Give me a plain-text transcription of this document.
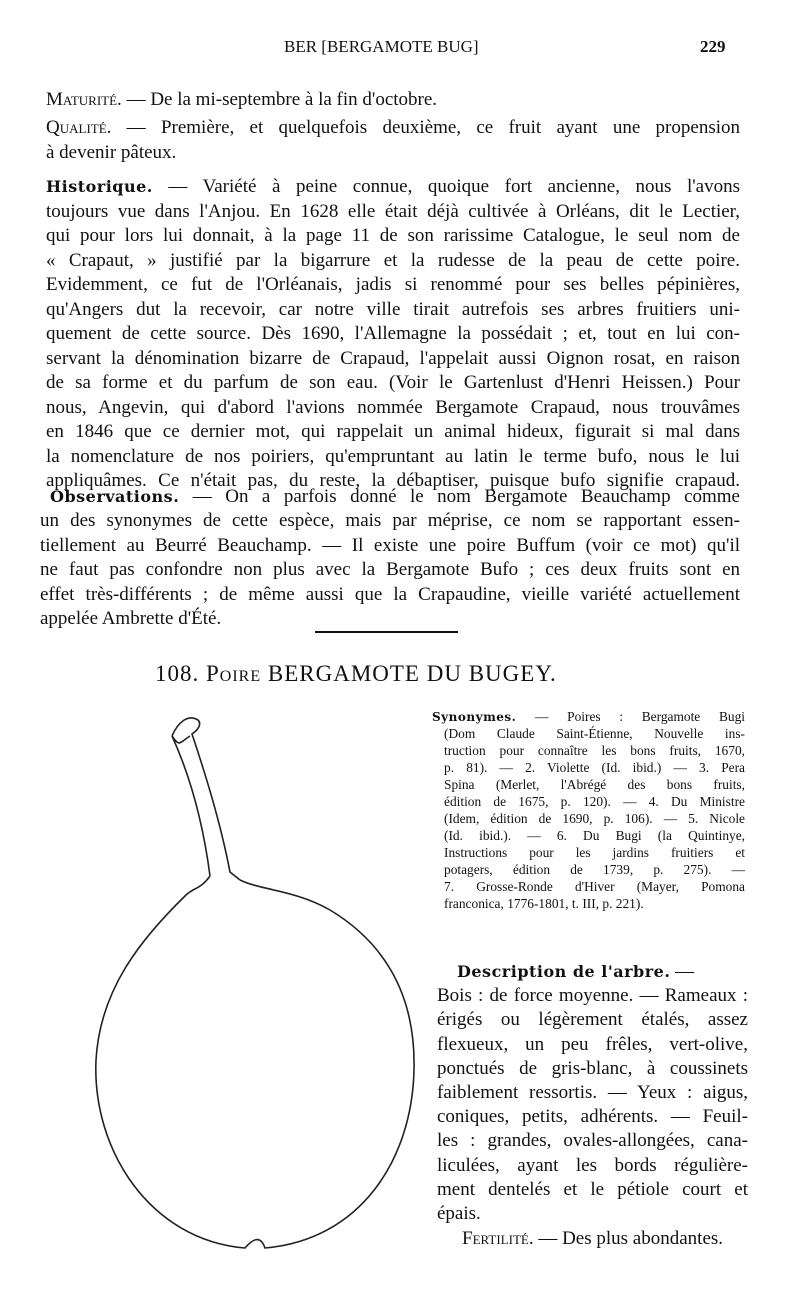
BER [BERGAMOTE BUG]	229
Maturité. — De la mi-septembre à la fin d'octobre.
Qualité. — Première, et quelquefois deuxième, ce fruit ayant une propension
à devenir pâteux.
Historique. — Variété à peine connue, quoique fort ancienne, nous l'avons
toujours vue dans l'Anjou. En 1628 elle était déjà cultivée à Orléans, dit le Lectier,
qui pour lors lui donnait, à la page 11 de son rarissime Catalogue, le seul nom de
« Crapaut, » justifié par la bigarrure et la rudesse de la peau de cette poire.
Evidemment, ce fut de l'Orléanais, jadis si renommé pour ses belles pépinières,
qu'Angers dut la recevoir, car notre ville tirait autrefois ses arbres fruitiers uni-
quement de cette source. Dès 1690, l'Allemagne la possédait ; et, tout en lui con-
servant la dénomination bizarre de Crapaud, l'appelait aussi Oignon rosat, en raison
de sa forme et du parfum de son eau. (Voir le Gartenlust d'Henri Heissen.) Pour
nous, Angevin, qui d'abord l'avions nommée Bergamote Crapaud, nous trouvâmes
en 1846 que ce dernier mot, qui rappelait un animal hideux, figurait si mal dans
la nomenclature de nos poiriers, qu'empruntant au latin le terme bufo, nous le lui
appliquâmes. Ce n'était pas, du reste, la débaptiser, puisque bufo signifie crapaud.
Observations. — On a parfois donné le nom Bergamote Beauchamp comme
un des synonymes de cette espèce, mais par méprise, ce nom se rapportant essen-
tiellement au Beurré Beauchamp. — Il existe une poire Buffum (voir ce mot) qu'il
ne faut pas confondre non plus avec la Bergamote Bufo ; ces deux fruits sont en
effet très-différents ; de même aussi que la Crapaudine, vieille variété actuellement
appelée Ambrette d'Été.
108. Poire BERGAMOTE DU BUGEY.
Synonymes. — Poires : Bergamote Bugi
(Dom Claude Saint-Étienne, Nouvelle ins-
truction pour connaître les bons fruits, 1670,
p. 81). — 2. Violette (Id. ibid.) — 3. Pera
Spina (Merlet, l'Abrégé des bons fruits,
édition de 1675, p. 120). — 4. Du Ministre
(Idem, édition de 1690, p. 106). — 5. Nicole
(Id. ibid.). — 6. Du Bugi (la Quintinye,
Instructions pour les jardins fruitiers et
potagers, édition de 1739, p. 275). —
7. Grosse-Ronde d'Hiver (Mayer, Pomona
franconica, 1776-1801, t. III, p. 221).
Description de l'arbre. —
Bois : de force moyenne. — Rameaux :
érigés ou légèrement étalés, assez
flexueux, un peu frêles, vert-olive,
ponctués de gris-blanc, à coussinets
faiblement ressortis. — Yeux : aigus,
coniques, petits, adhérents. — Feuil-
les : grandes, ovales-allongées, cana-
liculées, ayant les bords régulière-
ment dentelés et le pétiole court et
épais.
Fertilité. — Des plus abondantes.
